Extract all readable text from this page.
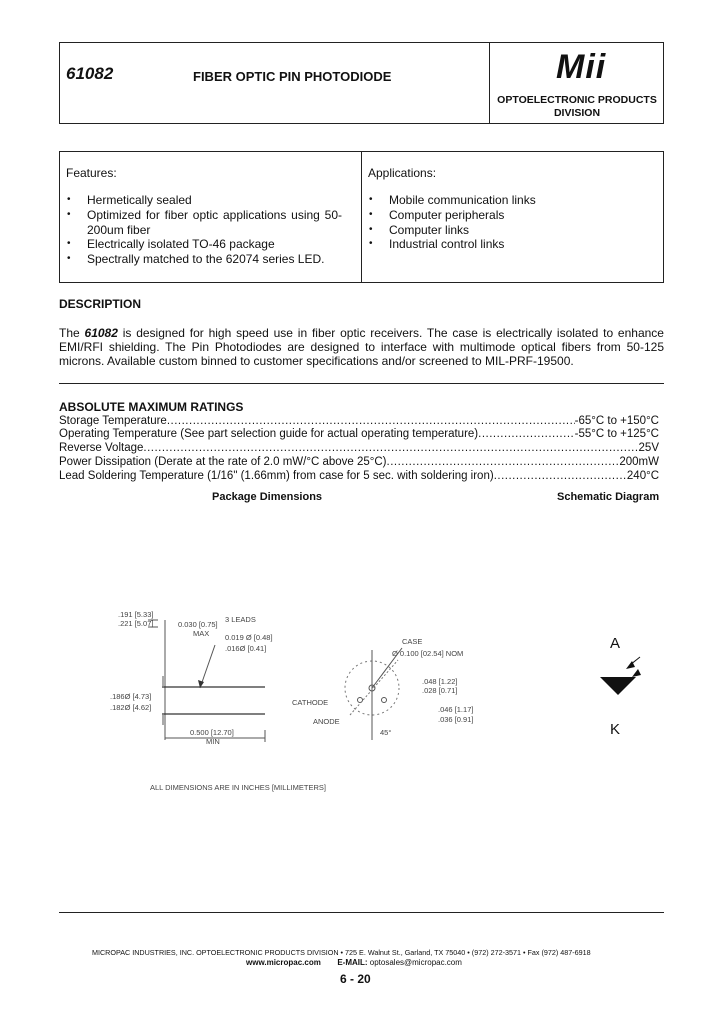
61082	FIBER OPTIC PIN PHOTODIODE	Mii
OPTOELECTRONIC PRODUCTS
DIVISION
Features:
• Hermetically sealed
• Optimized for fiber optic applications using 50-200um fiber
• Electrically isolated TO-46 package
• Spectrally matched to the 62074 series LED.
Applications:
• Mobile communication links
• Computer peripherals
• Computer links
• Industrial control links
DESCRIPTION
The 61082 is designed for high speed use in fiber optic receivers. The case is electrically isolated to enhance EMI/RFI shielding. The Pin Photodiodes are designed to interface with multimode optical fibers from 50-125 microns. Available custom binned to customer specifications and/or screened to MIL-PRF-19500.
ABSOLUTE MAXIMUM RATINGS
Storage Temperature .....	-65°C to +150°C
Operating Temperature (See part selection guide for actual operating temperature) .....	-55°C to +125°C
Reverse Voltage .....	25V
Power Dissipation (Derate at the rate of 2.0 mW/°C above 25°C) .....	200mW
Lead Soldering Temperature (1/16" (1.66mm) from case for 5 sec. with soldering iron) .....	240°C
Package Dimensions	Schematic Diagram
.191 [5.33]
.221 [5.07]	0.030 [0.75]
MAX
3 LEADS
0.019 Ø [0.48]
.016Ø [0.41]
.186Ø [4.73]
.182Ø [4.62]
0.500 [12.70]
MIN
CASE
Ø 0.100 [02.54] NOM
.048 [1.22]
.028 [0.71]
CATHODE
ANODE
.046 [1.17]
.036 [0.91]
45°
ALL DIMENSIONS ARE IN INCHES [MILLIMETERS]
A
K
MICROPAC INDUSTRIES, INC. OPTOELECTRONIC PRODUCTS DIVISION • 725 E. Walnut St., Garland, TX 75040 • (972) 272-3571 • Fax (972) 487-6918
www.micropac.com E-MAIL: optosales@micropac.com
6 - 20
